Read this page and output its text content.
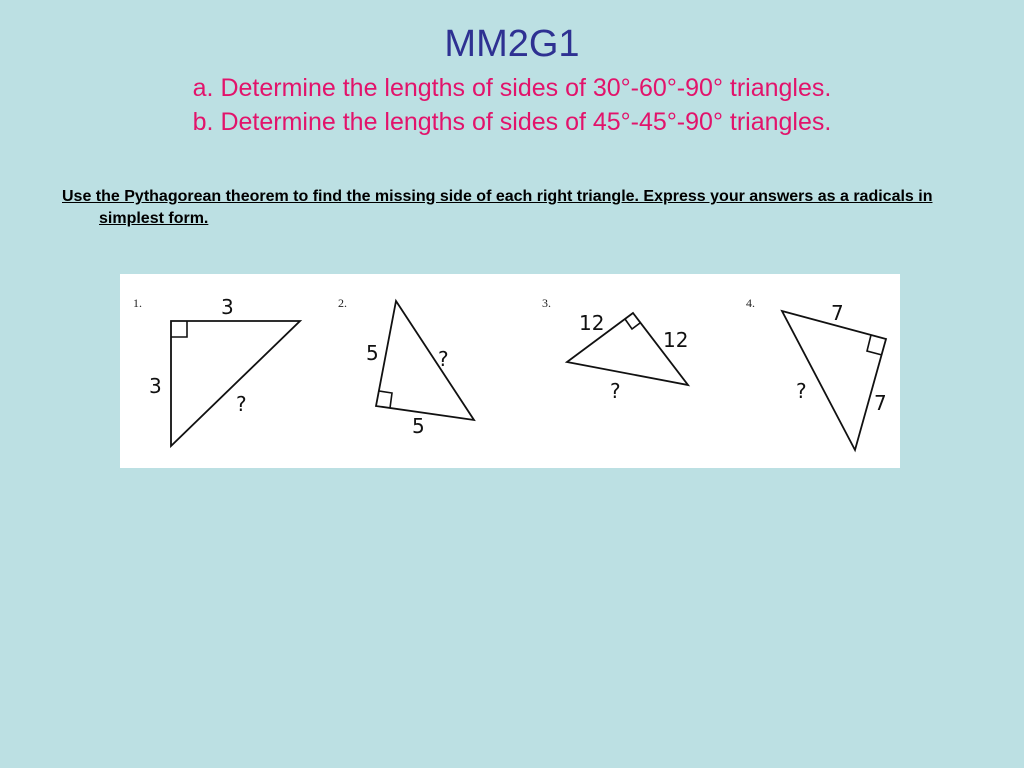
MM2G1
a. Determine the lengths of sides of 30°-60°-90° triangles.
b. Determine the lengths of sides of 45°-45°-90° triangles.
Use the Pythagorean theorem to find the missing side of each right triangle. Express your answers as a radicals in simplest form.
1.	3
3
?
2.
5	?
5
3.
12
12
?
4.	7
?	7
